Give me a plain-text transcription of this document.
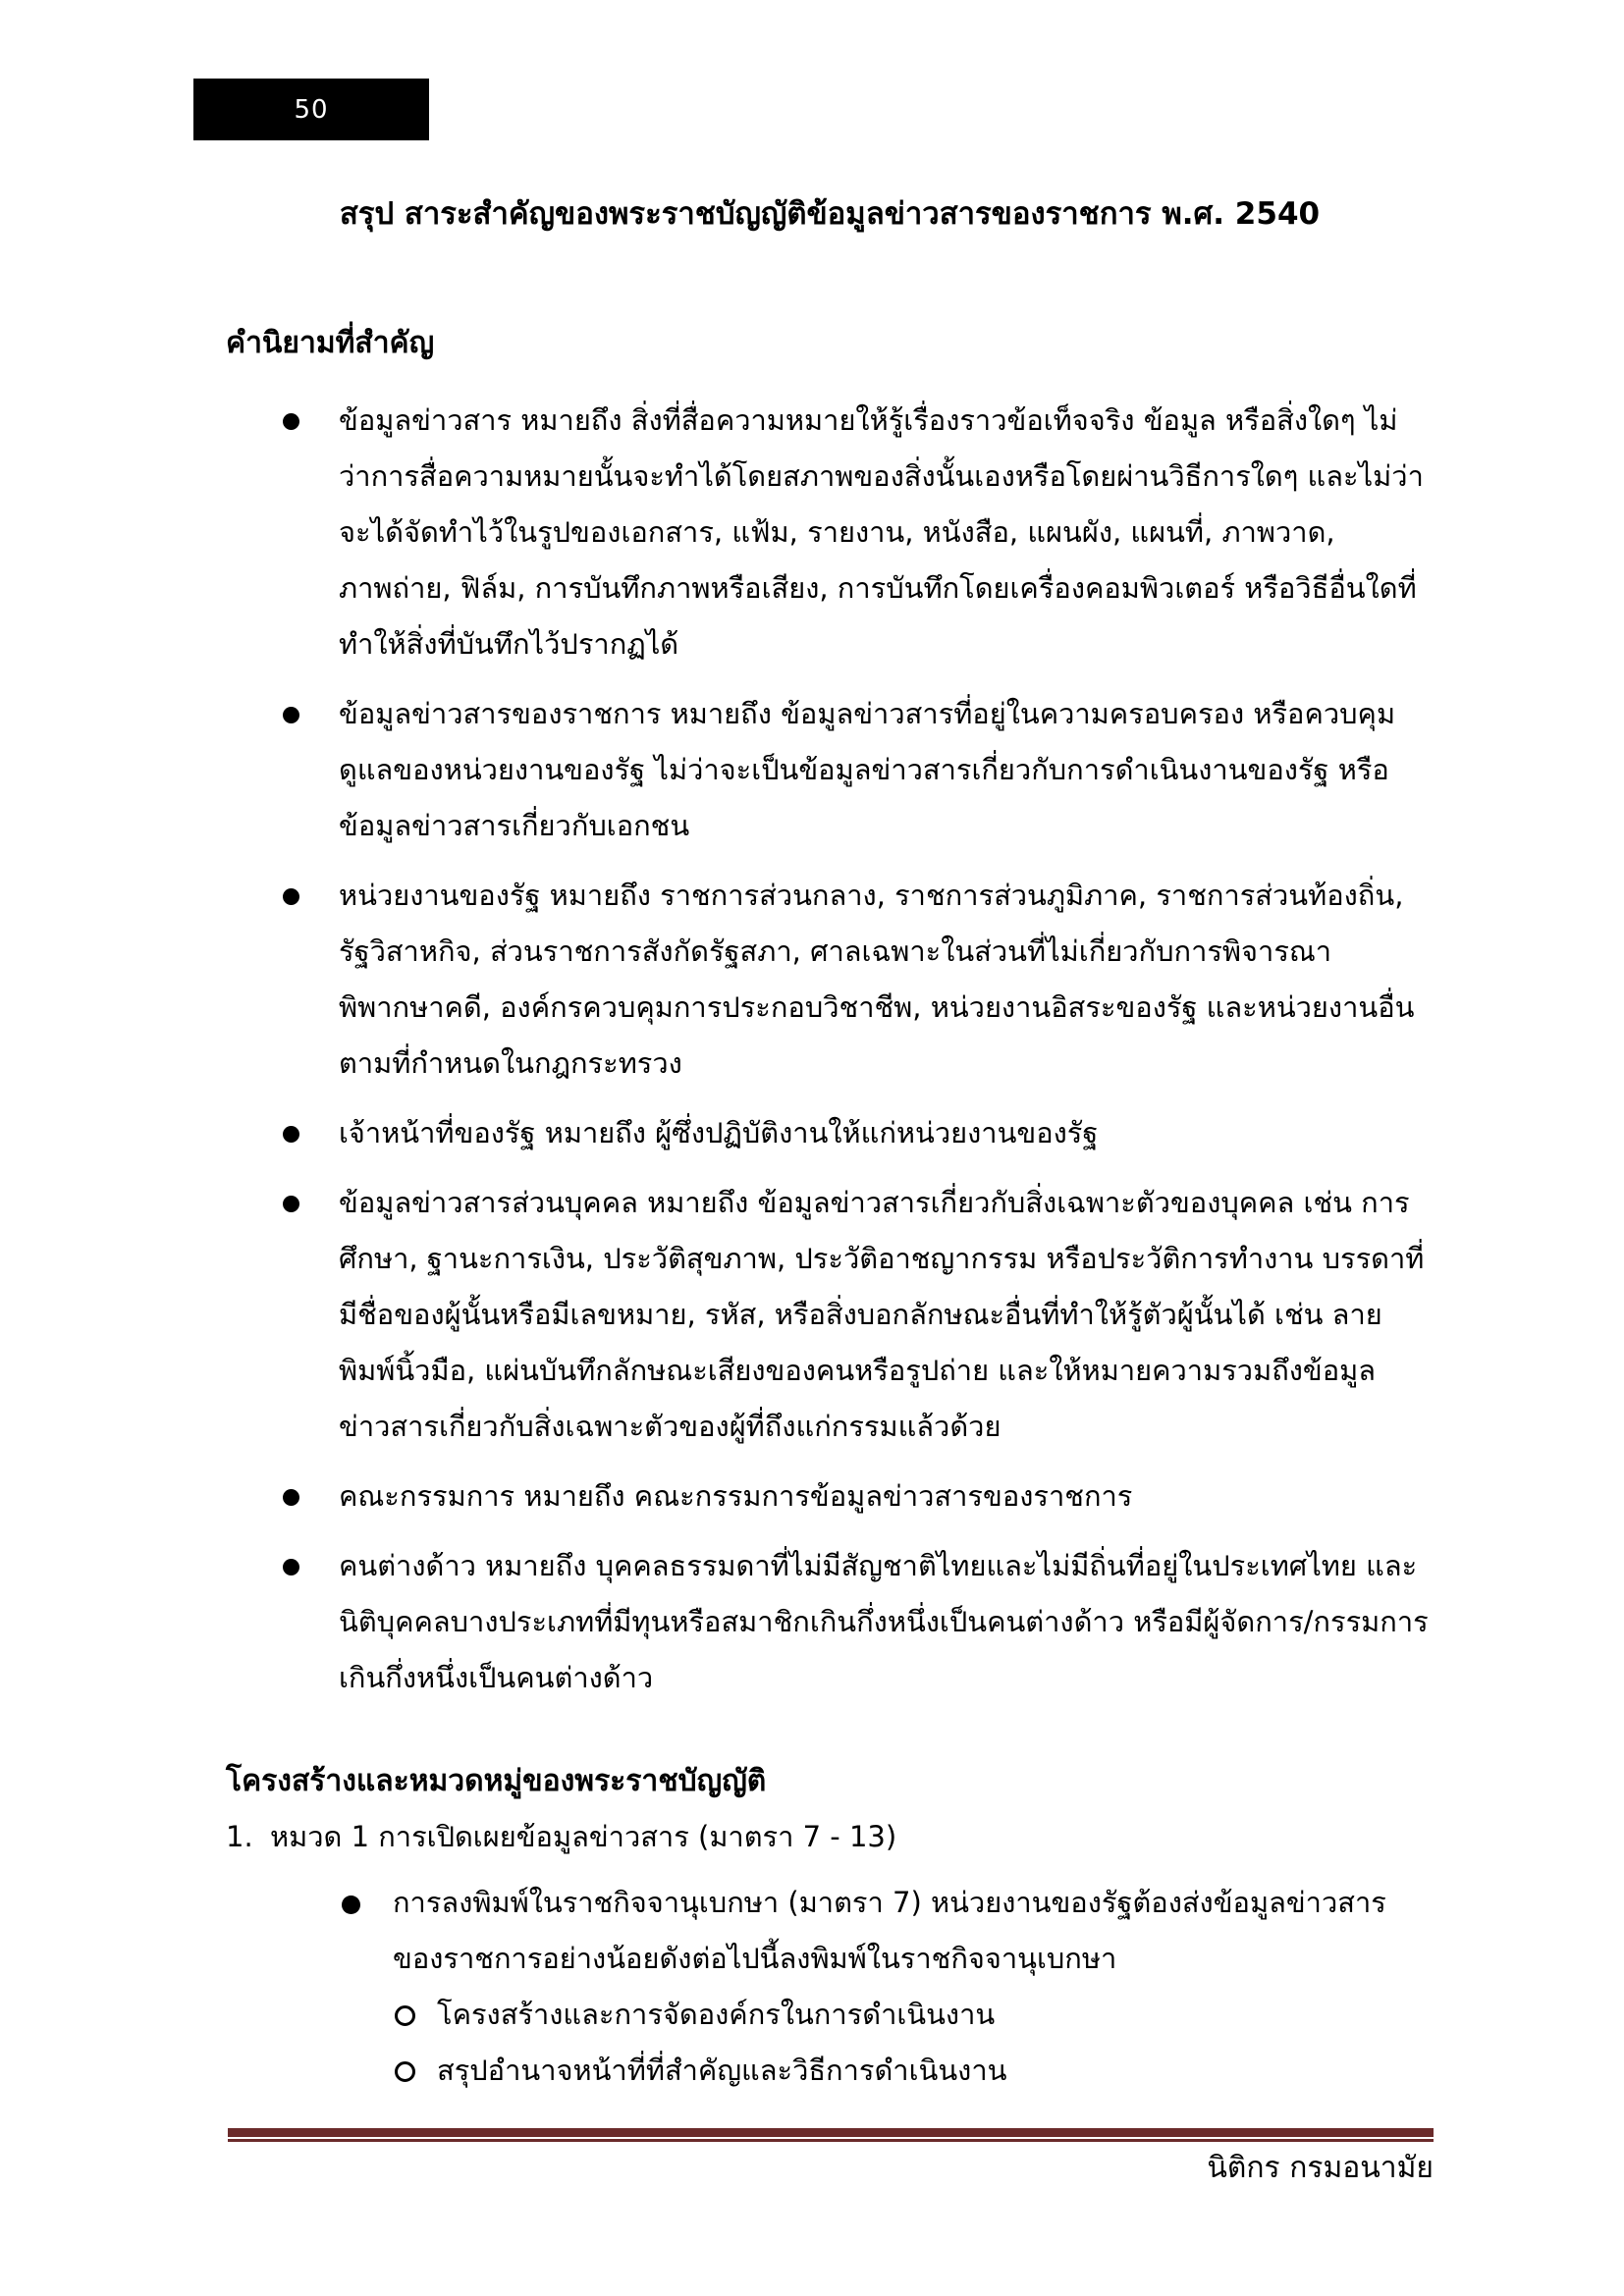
50
สรุป สาระสำคัญของพระราชบัญญัติข้อมูลข่าวสารของราชการ พ.ศ. 2540
คำนิยามที่สำคัญ
ข้อมูลข่าวสาร หมายถึง สิ่งที่สื่อความหมายให้รู้เรื่องราวข้อเท็จจริง ข้อมูล หรือสิ่งใดๆ ไม่ว่าการสื่อความหมายนั้นจะทำได้โดยสภาพของสิ่งนั้นเองหรือโดยผ่านวิธีการใดๆ และไม่ว่าจะได้จัดทำไว้ในรูปของเอกสาร, แฟ้ม, รายงาน, หนังสือ, แผนผัง, แผนที่, ภาพวาด, ภาพถ่าย, ฟิล์ม, การบันทึกภาพหรือเสียง, การบันทึกโดยเครื่องคอมพิวเตอร์ หรือวิธีอื่นใดที่ทำให้สิ่งที่บันทึกไว้ปรากฏได้
ข้อมูลข่าวสารของราชการ หมายถึง ข้อมูลข่าวสารที่อยู่ในความครอบครอง หรือควบคุมดูแลของหน่วยงานของรัฐ ไม่ว่าจะเป็นข้อมูลข่าวสารเกี่ยวกับการดำเนินงานของรัฐ หรือข้อมูลข่าวสารเกี่ยวกับเอกชน
หน่วยงานของรัฐ หมายถึง ราชการส่วนกลาง, ราชการส่วนภูมิภาค, ราชการส่วนท้องถิ่น, รัฐวิสาหกิจ, ส่วนราชการสังกัดรัฐสภา, ศาลเฉพาะในส่วนที่ไม่เกี่ยวกับการพิจารณาพิพากษาคดี, องค์กรควบคุมการประกอบวิชาชีพ, หน่วยงานอิสระของรัฐ และหน่วยงานอื่นตามที่กำหนดในกฎกระทรวง
เจ้าหน้าที่ของรัฐ หมายถึง ผู้ซึ่งปฏิบัติงานให้แก่หน่วยงานของรัฐ
ข้อมูลข่าวสารส่วนบุคคล หมายถึง ข้อมูลข่าวสารเกี่ยวกับสิ่งเฉพาะตัวของบุคคล เช่น การศึกษา, ฐานะการเงิน, ประวัติสุขภาพ, ประวัติอาชญากรรม หรือประวัติการทำงาน บรรดาที่มีชื่อของผู้นั้นหรือมีเลขหมาย, รหัส, หรือสิ่งบอกลักษณะอื่นที่ทำให้รู้ตัวผู้นั้นได้ เช่น ลายพิมพ์นิ้วมือ, แผ่นบันทึกลักษณะเสียงของคนหรือรูปถ่าย และให้หมายความรวมถึงข้อมูลข่าวสารเกี่ยวกับสิ่งเฉพาะตัวของผู้ที่ถึงแก่กรรมแล้วด้วย
คณะกรรมการ หมายถึง คณะกรรมการข้อมูลข่าวสารของราชการ
คนต่างด้าว หมายถึง บุคคลธรรมดาที่ไม่มีสัญชาติไทยและไม่มีถิ่นที่อยู่ในประเทศไทย และนิติบุคคลบางประเภทที่มีทุนหรือสมาชิกเกินกึ่งหนึ่งเป็นคนต่างด้าว หรือมีผู้จัดการ/กรรมการเกินกึ่งหนึ่งเป็นคนต่างด้าว
โครงสร้างและหมวดหมู่ของพระราชบัญญัติ
1. หมวด 1 การเปิดเผยข้อมูลข่าวสาร (มาตรา 7 - 13)
การลงพิมพ์ในราชกิจจานุเบกษา (มาตรา 7) หน่วยงานของรัฐต้องส่งข้อมูลข่าวสารของราชการอย่างน้อยดังต่อไปนี้ลงพิมพ์ในราชกิจจานุเบกษา
โครงสร้างและการจัดองค์กรในการดำเนินงาน
สรุปอำนาจหน้าที่ที่สำคัญและวิธีการดำเนินงาน
นิติกร กรมอนามัย
